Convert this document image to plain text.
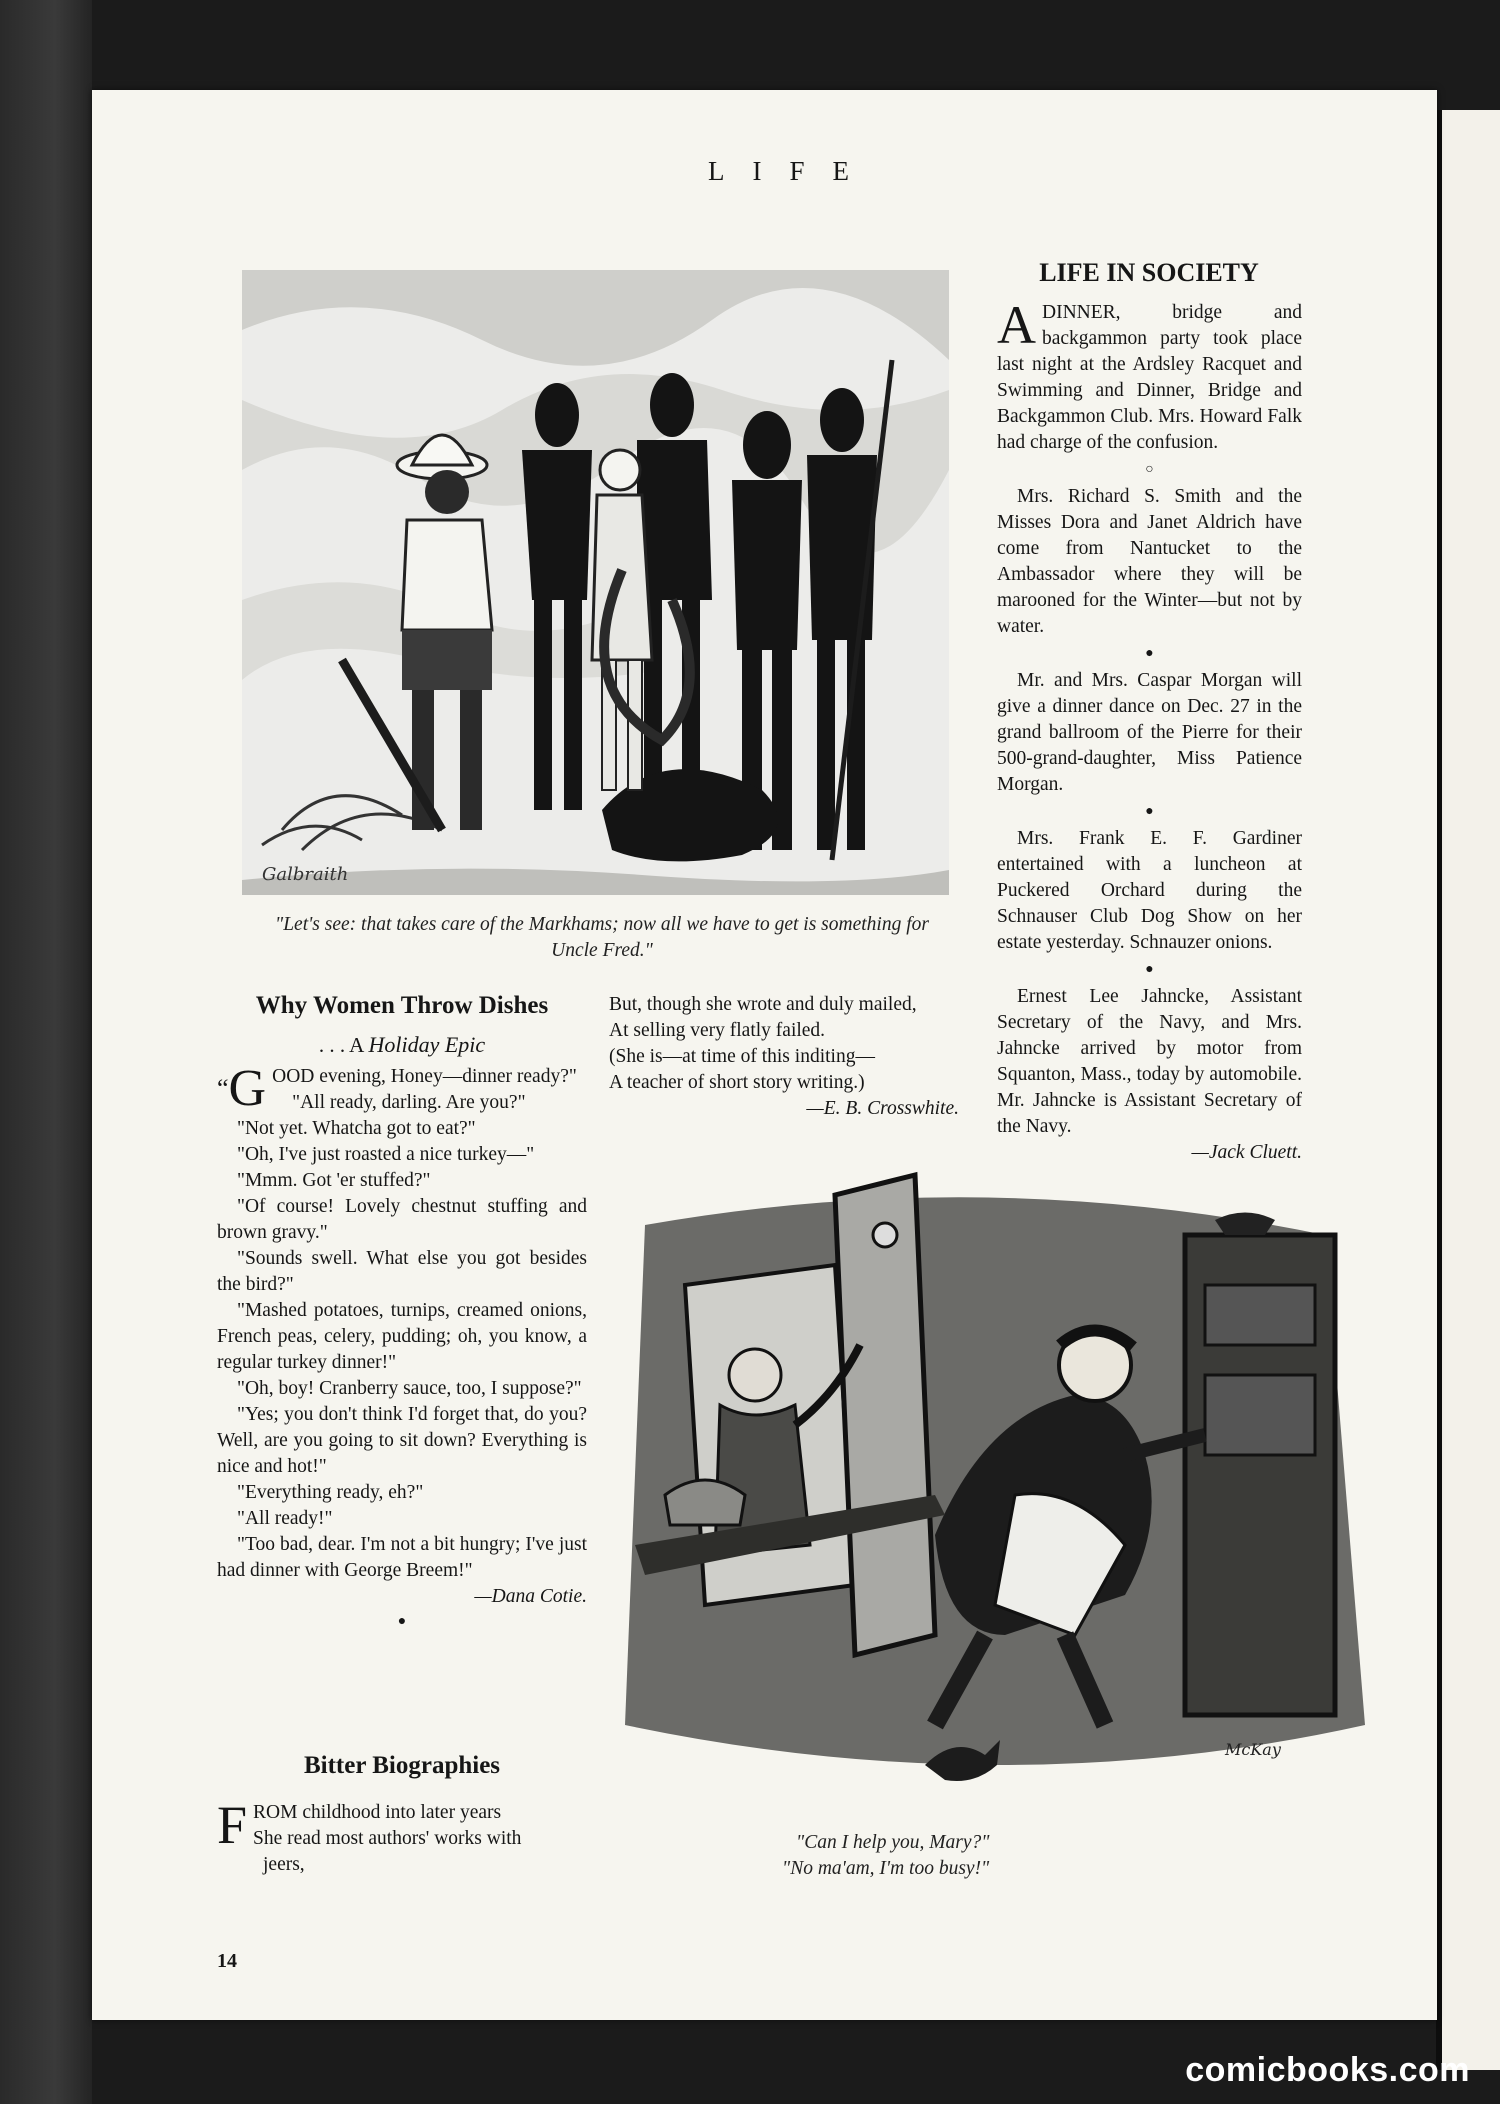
LIFE
Galbraith
"Let's see: that takes care of the Markhams; now all we have to get is something for Uncle Fred."
LIFE IN SOCIETY

ADINNER, bridge and backgammon party took place last night at the Ardsley Racquet and Swimming and Dinner, Bridge and Backgammon Club. Mrs. Howard Falk had charge of the confusion.

○

Mrs. Richard S. Smith and the Misses Dora and Janet Aldrich have come from Nantucket to the Ambassador where they will be marooned for the Winter—but not by water.

●

Mr. and Mrs. Caspar Morgan will give a dinner dance on Dec. 27 in the grand ballroom of the Pierre for their 500-grand-daughter, Miss Patience Morgan.

●

Mrs. Frank E. F. Gardiner entertained with a luncheon at Puckered Orchard during the Schnauser Club Dog Show on her estate yesterday. Schnauzer onions.

●

Ernest Lee Jahncke, Assistant Secretary of the Navy, and Mrs. Jahncke arrived by motor from Squanton, Mass., today by automobile. Mr. Jahncke is Assistant Secretary of the Navy.

—Jack Cluett.

Why Women Throw Dishes
. . . A Holiday Epic

“G OOD evening, Honey—dinner ready?"

"All ready, darling. Are you?"

"Not yet. Whatcha got to eat?"

"Oh, I've just roasted a nice turkey—"

"Mmm. Got 'er stuffed?"

"Of course! Lovely chestnut stuffing and brown gravy."

"Sounds swell. What else you got besides the bird?"

"Mashed potatoes, turnips, creamed onions, French peas, celery, pudding; oh, you know, a regular turkey dinner!"

"Oh, boy! Cranberry sauce, too, I suppose?"

"Yes; you don't think I'd forget that, do you? Well, are you going to sit down? Everything is nice and hot!"

"Everything ready, eh?"

"All ready!"

"Too bad, dear. I'm not a bit hungry; I've just had dinner with George Breem!"
—Dana Cotie.

●
Bitter Biographies

FROM childhood into later years

She read most authors' works with

jeers,

But, though she wrote and duly mailed,

At selling very flatly failed.

(She is—at time of this inditing—

A teacher of short story writing.)

—E. B. Crosswhite.

McKay
"Can I help you, Mary?"
"No ma'am, I'm too busy!"
14
comicbooks.com
